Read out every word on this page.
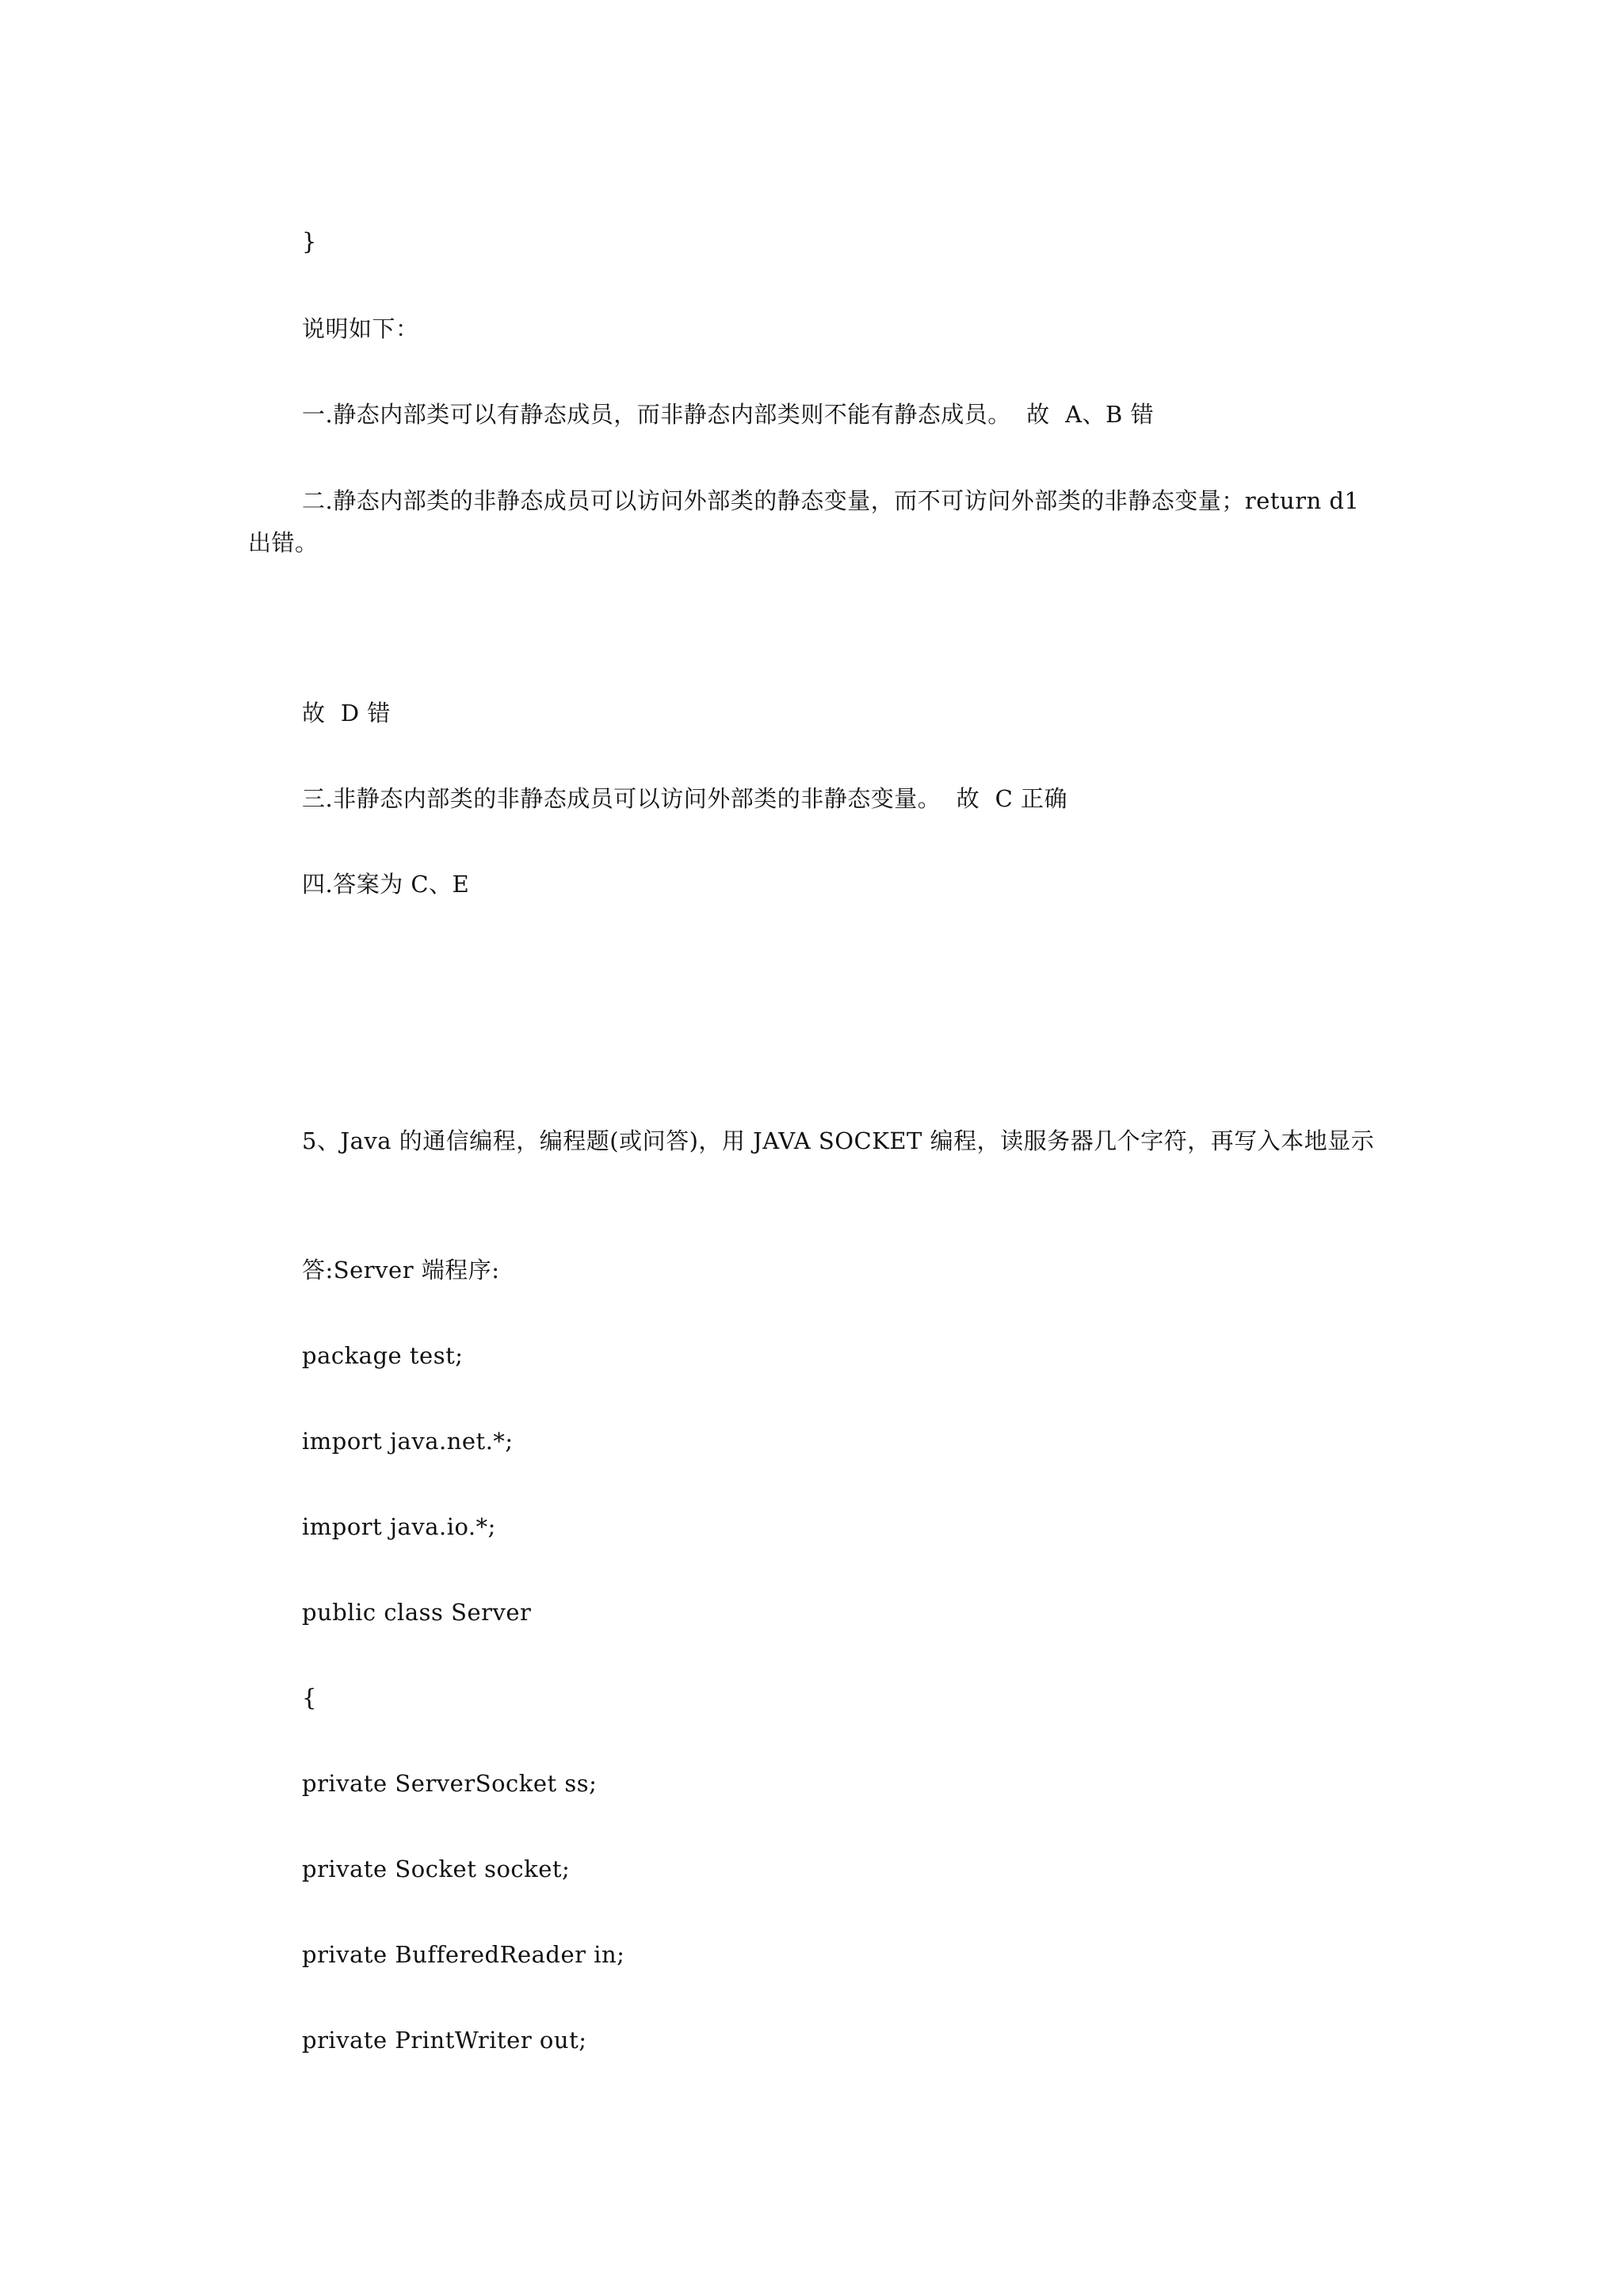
}
说明如下：
一.静态内部类可以有静态成员，而非静态内部类则不能有静态成员。  故  A、B 错
二.静态内部类的非静态成员可以访问外部类的静态变量，而不可访问外部类的非静态变量；return d1
出错。
故  D 错
三.非静态内部类的非静态成员可以访问外部类的非静态变量。  故  C 正确
四.答案为 C、E
5、Java 的通信编程，编程题(或问答)，用 JAVA SOCKET 编程，读服务器几个字符，再写入本地显示
答:Server 端程序:
package test;
import java.net.*;
import java.io.*;
public class Server
{
private ServerSocket ss;
private Socket socket;
private BufferedReader in;
private PrintWriter out;
